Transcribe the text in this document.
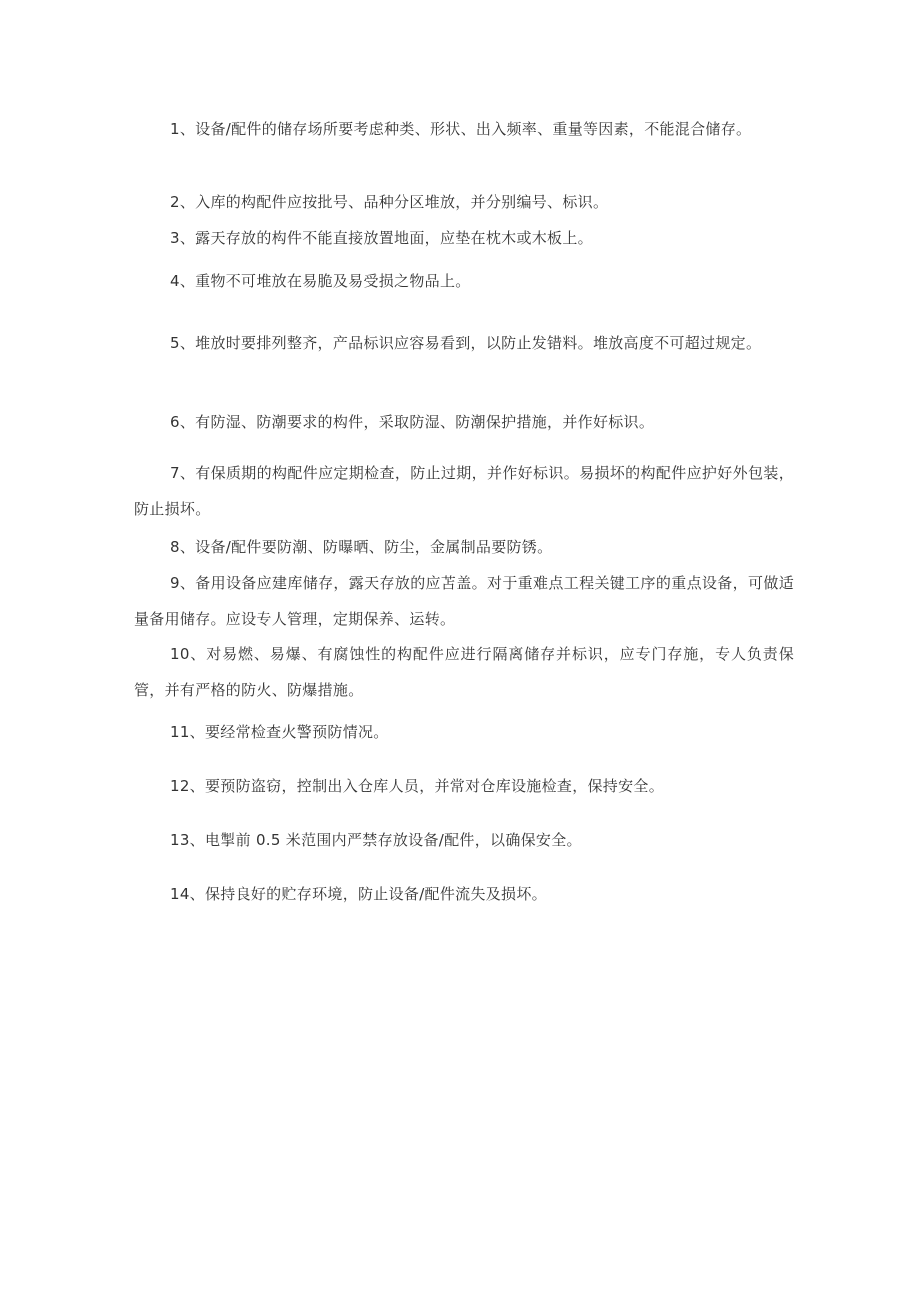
1、设备/配件的储存场所要考虑种类、形状、出入频率、重量等因素，不能混合储存。

2、入库的构配件应按批号、品种分区堆放，并分别编号、标识。

3、露天存放的构件不能直接放置地面，应垫在枕木或木板上。

4、重物不可堆放在易脆及易受损之物品上。

5、堆放时要排列整齐，产品标识应容易看到，以防止发错料。堆放高度不可超过规定。

6、有防湿、防潮要求的构件，采取防湿、防潮保护措施，并作好标识。

7、有保质期的构配件应定期检查，防止过期，并作好标识。易损坏的构配件应护好外包装，防止损坏。

8、设备/配件要防潮、防曝晒、防尘，金属制品要防锈。

9、备用设备应建库储存，露天存放的应苫盖。对于重难点工程关键工序的重点设备，可做适量备用储存。应设专人管理，定期保养、运转。

10、对易燃、易爆、有腐蚀性的构配件应进行隔离储存并标识，应专门存施，专人负责保管，并有严格的防火、防爆措施。

11、要经常检查火警预防情况。

12、要预防盗窃，控制出入仓库人员，并常对仓库设施检查，保持安全。

13、电掣前 0.5 米范围内严禁存放设备/配件，以确保安全。

14、保持良好的贮存环境，防止设备/配件流失及损坏。
